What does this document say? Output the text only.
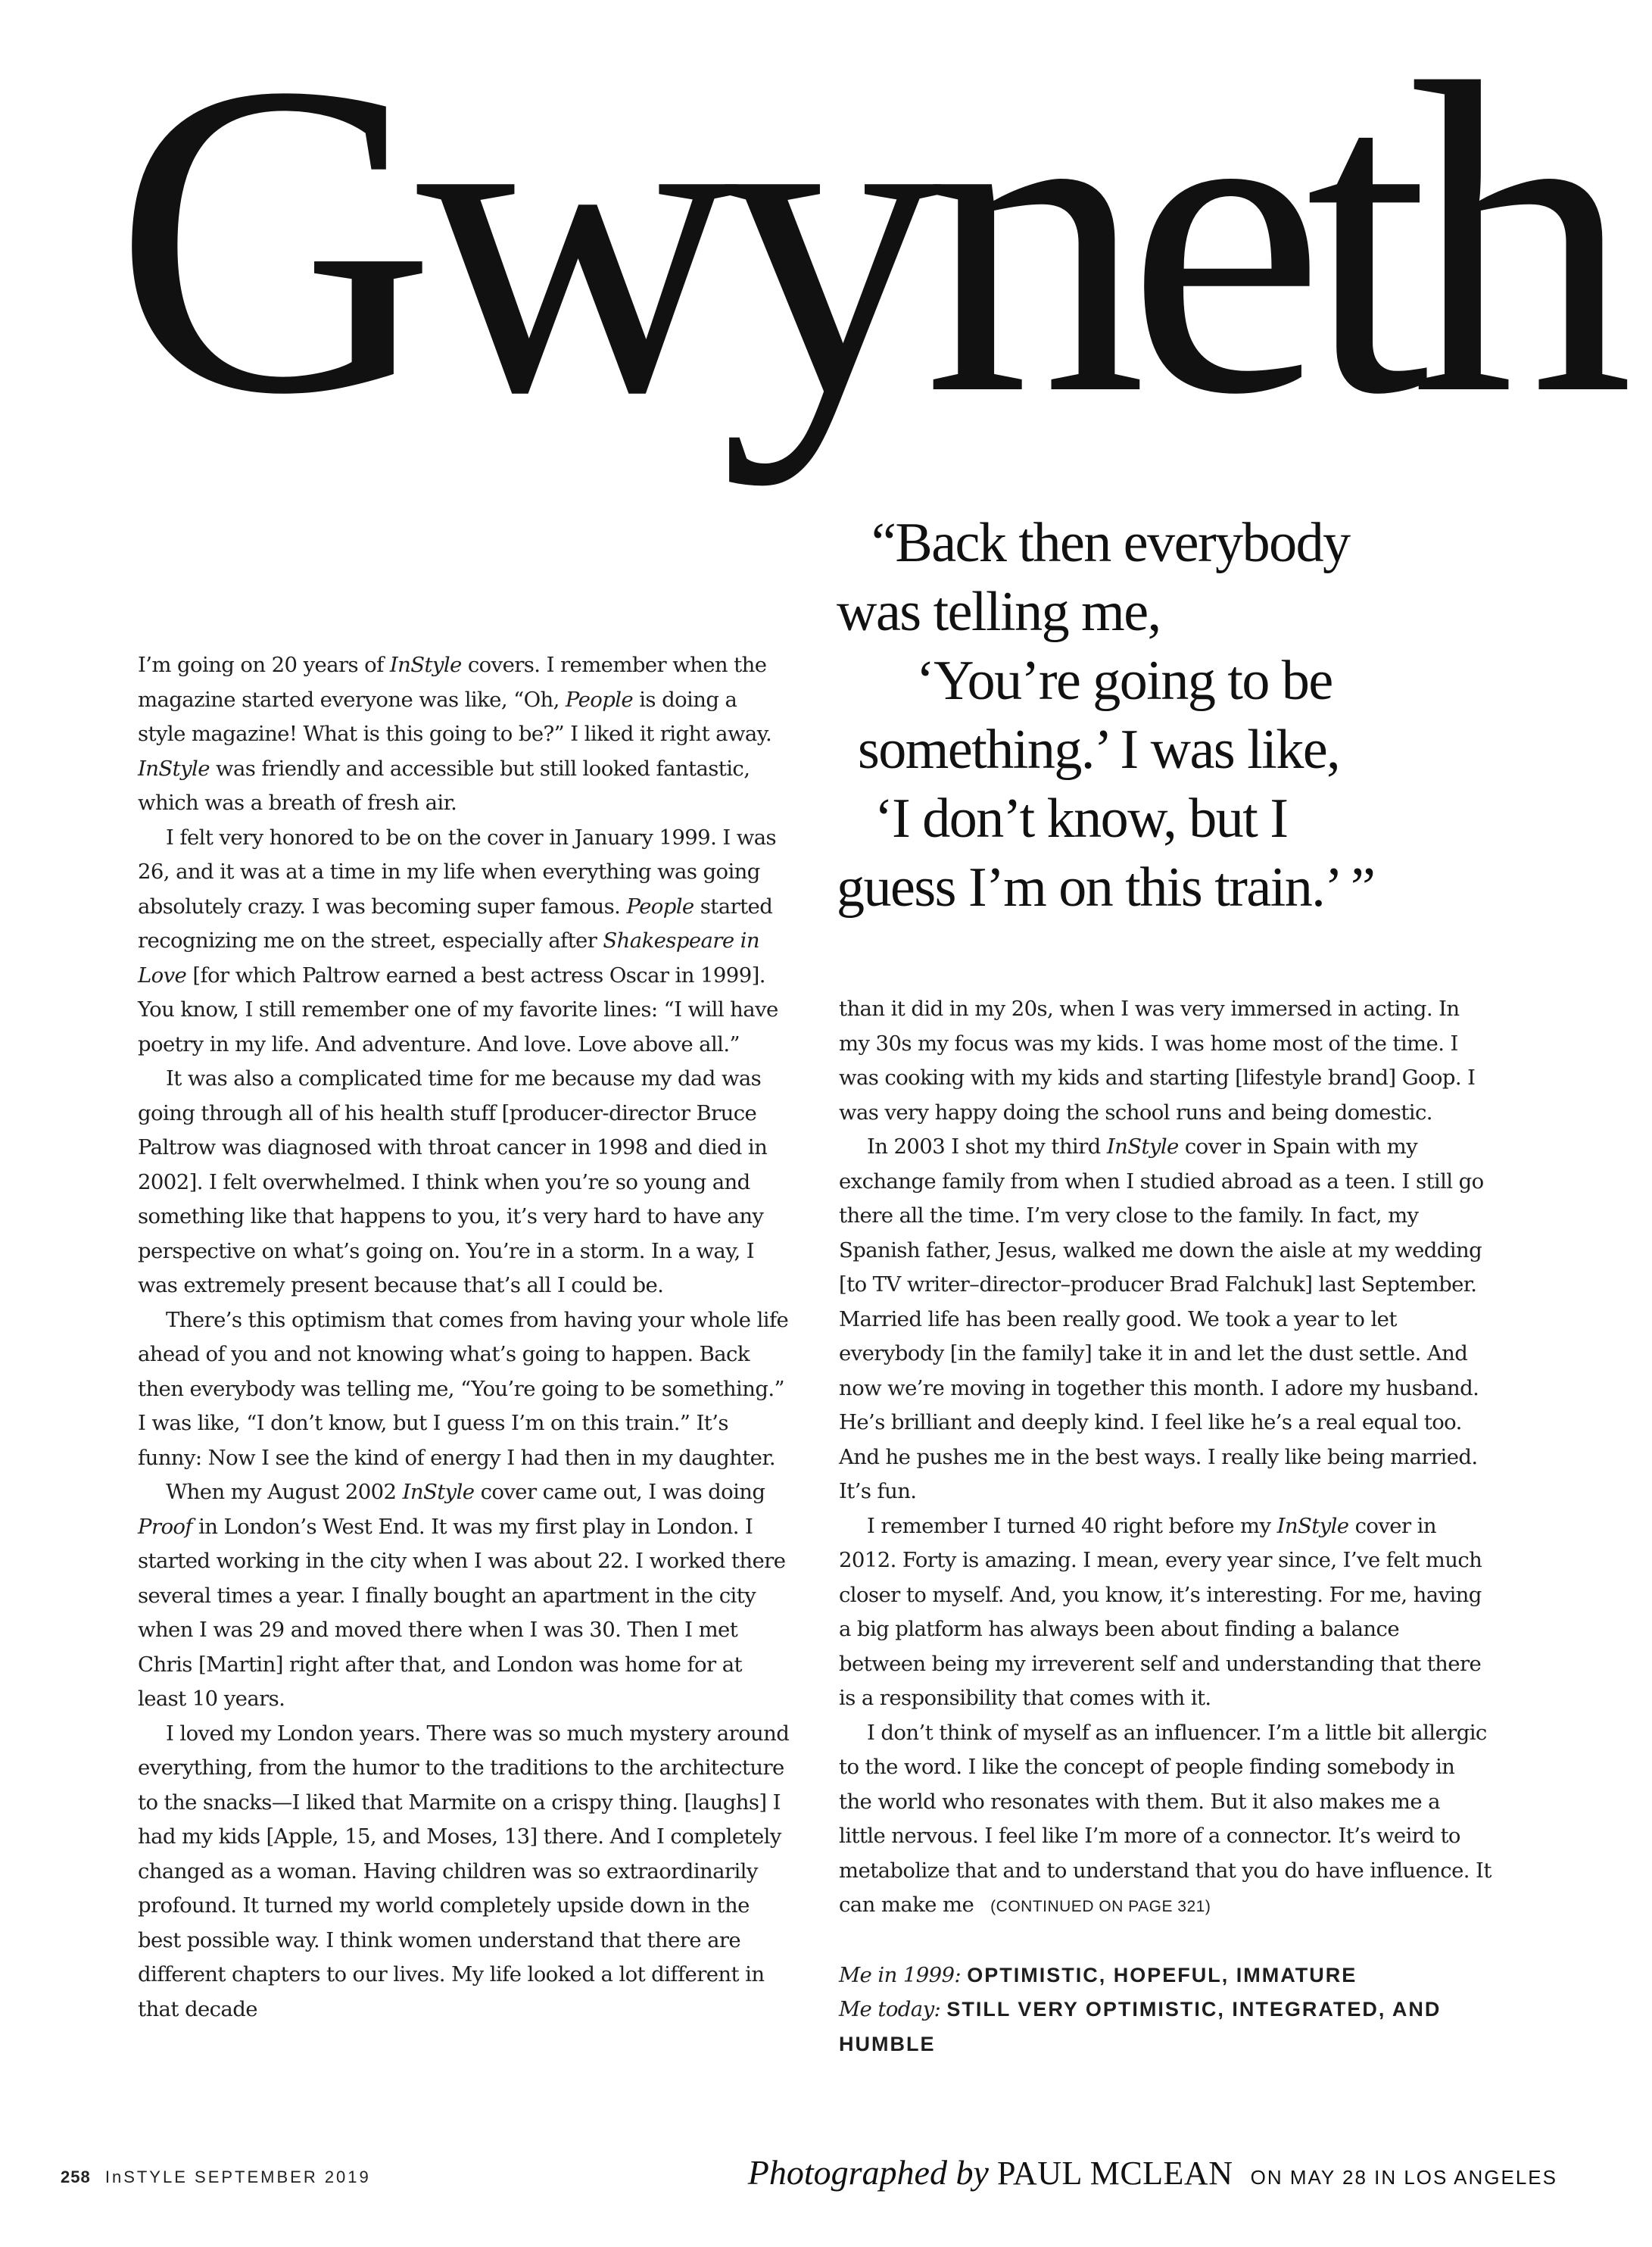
Gwyneth
“Back then everybody
was telling me,
‘You’re going to be
something.’ I was like,
‘I don’t know, but I
guess I’m on this train.’ ”

I’m going on 20 years of InStyle covers. I remember when the magazine started everyone was like, “Oh, People is doing a style magazine! What is this going to be?” I liked it right away. InStyle was friendly and accessible but still looked fantastic, which was a breath of fresh air.

I felt very honored to be on the cover in January 1999. I was 26, and it was at a time in my life when everything was going absolutely crazy. I was becoming super famous. People started recognizing me on the street, especially after Shakespeare in Love [for which Paltrow earned a best actress Oscar in 1999]. You know, I still remember one of my favorite lines: “I will have poetry in my life. And adventure. And love. Love above all.”

It was also a complicated time for me because my dad was going through all of his health stuff [producer-director Bruce Paltrow was diagnosed with throat cancer in 1998 and died in 2002]. I felt overwhelmed. I think when you’re so young and something like that happens to you, it’s very hard to have any perspective on what’s going on. You’re in a storm. In a way, I was extremely present because that’s all I could be.

There’s this optimism that comes from having your whole life ahead of you and not knowing what’s going to happen. Back then everybody was telling me, “You’re going to be something.” I was like, “I don’t know, but I guess I’m on this train.” It’s funny: Now I see the kind of energy I had then in my daughter.

When my August 2002 InStyle cover came out, I was doing Proof in London’s West End. It was my first play in London. I started working in the city when I was about 22. I worked there several times a year. I finally bought an apartment in the city when I was 29 and moved there when I was 30. Then I met Chris [Martin] right after that, and London was home for at least 10 years.

I loved my London years. There was so much mystery around everything, from the humor to the traditions to the architecture to the snacks—I liked that Marmite on a crispy thing. [laughs] I had my kids [Apple, 15, and Moses, 13] there. And I completely changed as a woman. Having children was so extraordinarily profound. It turned my world completely upside down in the best possible way. I think women understand that there are different chapters to our lives. My life looked a lot different in that decade

than it did in my 20s, when I was very immersed in acting. In my 30s my focus was my kids. I was home most of the time. I was cooking with my kids and starting [lifestyle brand] Goop. I was very happy doing the school runs and being domestic.

In 2003 I shot my third InStyle cover in Spain with my exchange family from when I studied abroad as a teen. I still go there all the time. I’m very close to the family. In fact, my Spanish father, Jesus, walked me down the aisle at my wedding [to TV writer–director–producer Brad Falchuk] last September. Married life has been really good. We took a year to let everybody [in the family] take it in and let the dust settle. And now we’re moving in together this month. I adore my husband. He’s brilliant and deeply kind. I feel like he’s a real equal too. And he pushes me in the best ways. I really like being married. It’s fun.

I remember I turned 40 right before my InStyle cover in 2012. Forty is amazing. I mean, every year since, I’ve felt much closer to myself. And, you know, it’s interesting. For me, having a big platform has always been about finding a balance between being my irreverent self and understanding that there is a responsibility that comes with it.

I don’t think of myself as an influencer. I’m a little bit allergic to the word. I like the concept of people finding somebody in the world who resonates with them. But it also makes me a little nervous. I feel like I’m more of a connector. It’s weird to metabolize that and to understand that you do have influence. It can make me (CONTINUED ON PAGE 321)

Me in 1999: OPTIMISTIC, HOPEFUL, IMMATURE
Me today: STILL VERY OPTIMISTIC, INTEGRATED, AND HUMBLE
258 InSTYLE SEPTEMBER 2019	Photographed by PAUL MCLEAN ON MAY 28 IN LOS ANGELES
